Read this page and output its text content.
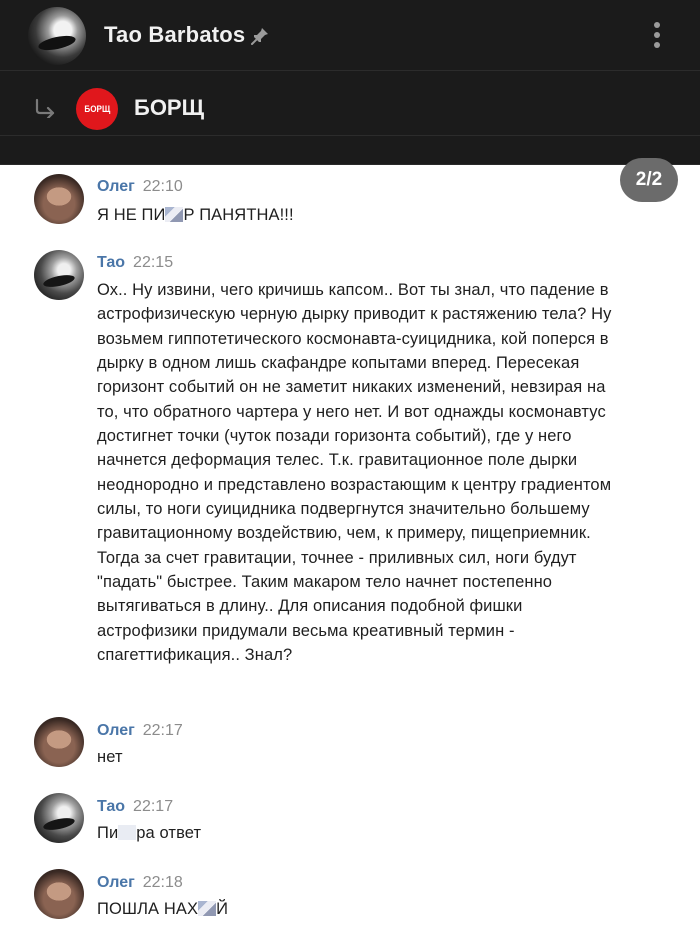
Tao Barbatos
БОРЩ БОРЩ
2/2
Олег 22:10
Я НЕ ПИ Р ПАНЯТНА!!!
Тао 22:15
Ох.. Ну извини, чего кричишь капсом.. Вот ты знал, что падение в астрофизическую черную дырку приводит к растяжению тела? Ну возьмем гиппотетического космонавта-суицидника, кой поперся в дырку в одном лишь скафандре копытами вперед. Пересекая горизонт событий он не заметит никаких изменений, невзирая на то, что обратного чартера у него нет. И вот однажды космонавтус достигнет точки (чуток позади горизонта событий), где у него начнется деформация телес. Т.к. гравитационное поле дырки неоднородно и представлено возрастающим к центру градиентом силы, то ноги суицидника подвергнутся значительно большему гравитационному воздействию, чем, к примеру, пищеприемник. Тогда за счет гравитации, точнее - приливных сил, ноги будут "падать" быстрее. Таким макаром тело начнет постепенно вытягиваться в длину.. Для описания подобной фишки астрофизики придумали весьма креативный термин - спагеттификация.. Знал?
Олег 22:17
нет
Тао 22:17
Пи ра ответ
Олег 22:18
ПОШЛА НАХ Й
